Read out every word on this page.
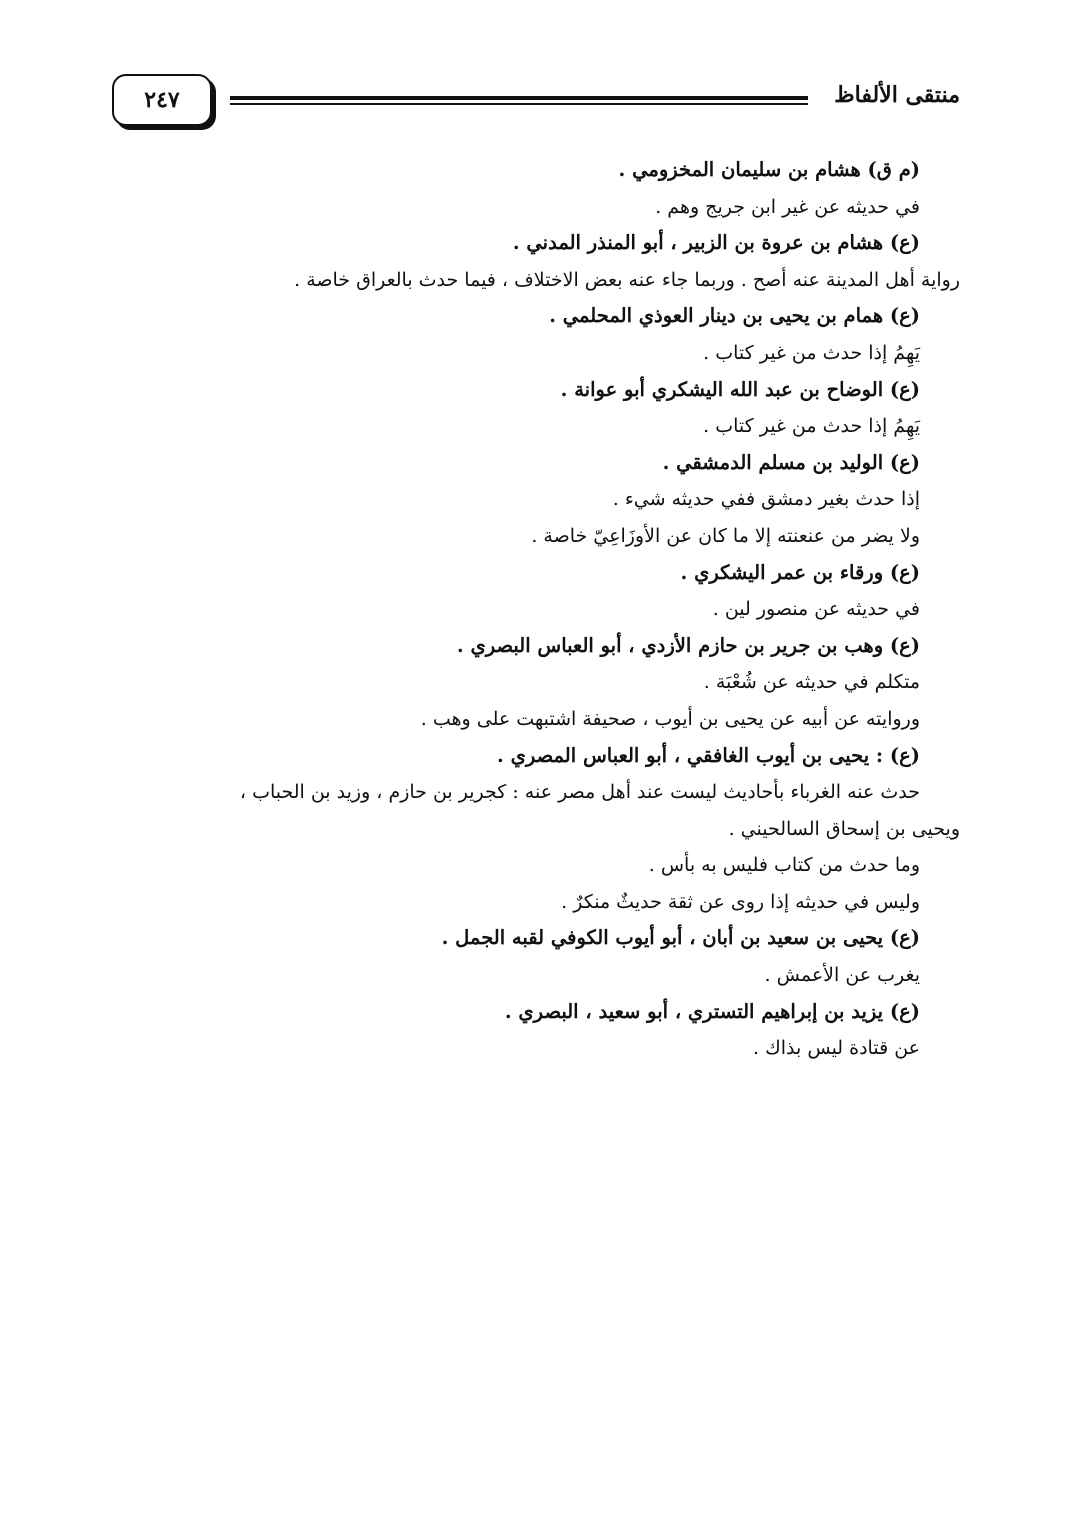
منتقى الألفاظ
٢٤٧
(م ق) هشام بن سليمان المخزومي .
في حديثه عن غير ابن جريج وهم .
(ع) هشام بن عروة بن الزبير ، أبو المنذر المدني .
رواية أهل المدينة عنه أصح . وربما جاء عنه بعض الاختلاف ، فيما حدث بالعراق خاصة .
(ع) همام بن يحيى بن دينار العوذي المحلمي .
يَهِمُ إذا حدث من غير كتاب .
(ع) الوضاح بن عبد الله اليشكري أبو عوانة .
يَهِمُ إذا حدث من غير كتاب .
(ع) الوليد بن مسلم الدمشقي .
إذا حدث بغير دمشق ففي حديثه شيء .
ولا يضر من عنعنته إلا ما كان عن الأوزَاعِيّ خاصة .
(ع) ورقاء بن عمر اليشكري .
في حديثه عن منصور لين .
(ع) وهب بن جرير بن حازم الأزدي ، أبو العباس البصري .
متكلم في حديثه عن شُعْبَة .
وروايته عن أبيه عن يحيى بن أيوب ، صحيفة اشتبهت على وهب .
(ع) : يحيى بن أيوب الغافقي ، أبو العباس المصري .
حدث عنه الغرباء بأحاديث ليست عند أهل مصر عنه : كجرير بن حازم ، وزيد بن الحباب ،
ويحيى بن إسحاق السالحيني .
وما حدث من كتاب فليس به بأس .
وليس في حديثه إذا روى عن ثقة حديثٌ منكرٌ .
(ع) يحيى بن سعيد بن أبان ، أبو أيوب الكوفي لقبه الجمل .
يغرب عن الأعمش .
(ع) يزيد بن إبراهيم التستري ، أبو سعيد ، البصري .
عن قتادة ليس بذاك .
